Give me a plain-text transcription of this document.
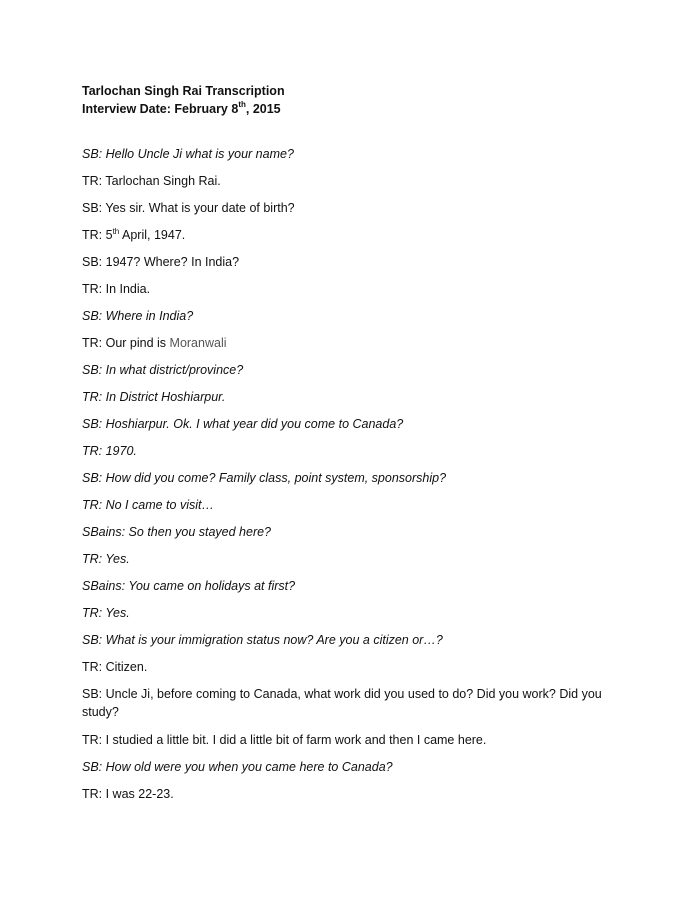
Tarlochan Singh Rai Transcription
Interview Date: February 8th, 2015
SB: Hello Uncle Ji what is your name?
TR: Tarlochan Singh Rai.
SB: Yes sir. What is your date of birth?
TR: 5th April, 1947.
SB: 1947? Where? In India?
TR: In India.
SB: Where in India?
TR: Our pind is Moranwali
SB: In what district/province?
TR: In District Hoshiarpur.
SB: Hoshiarpur. Ok. I what year did you come to Canada?
TR: 1970.
SB: How did you come? Family class, point system, sponsorship?
TR: No I came to visit…
SBains: So then you stayed here?
TR: Yes.
SBains: You came on holidays at first?
TR: Yes.
SB: What is your immigration status now? Are you a citizen or…?
TR: Citizen.
SB: Uncle Ji, before coming to Canada, what work did you used to do? Did you work? Did you study?
TR: I studied a little bit. I did a little bit of farm work and then I came here.
SB: How old were you when you came here to Canada?
TR: I was 22-23.
